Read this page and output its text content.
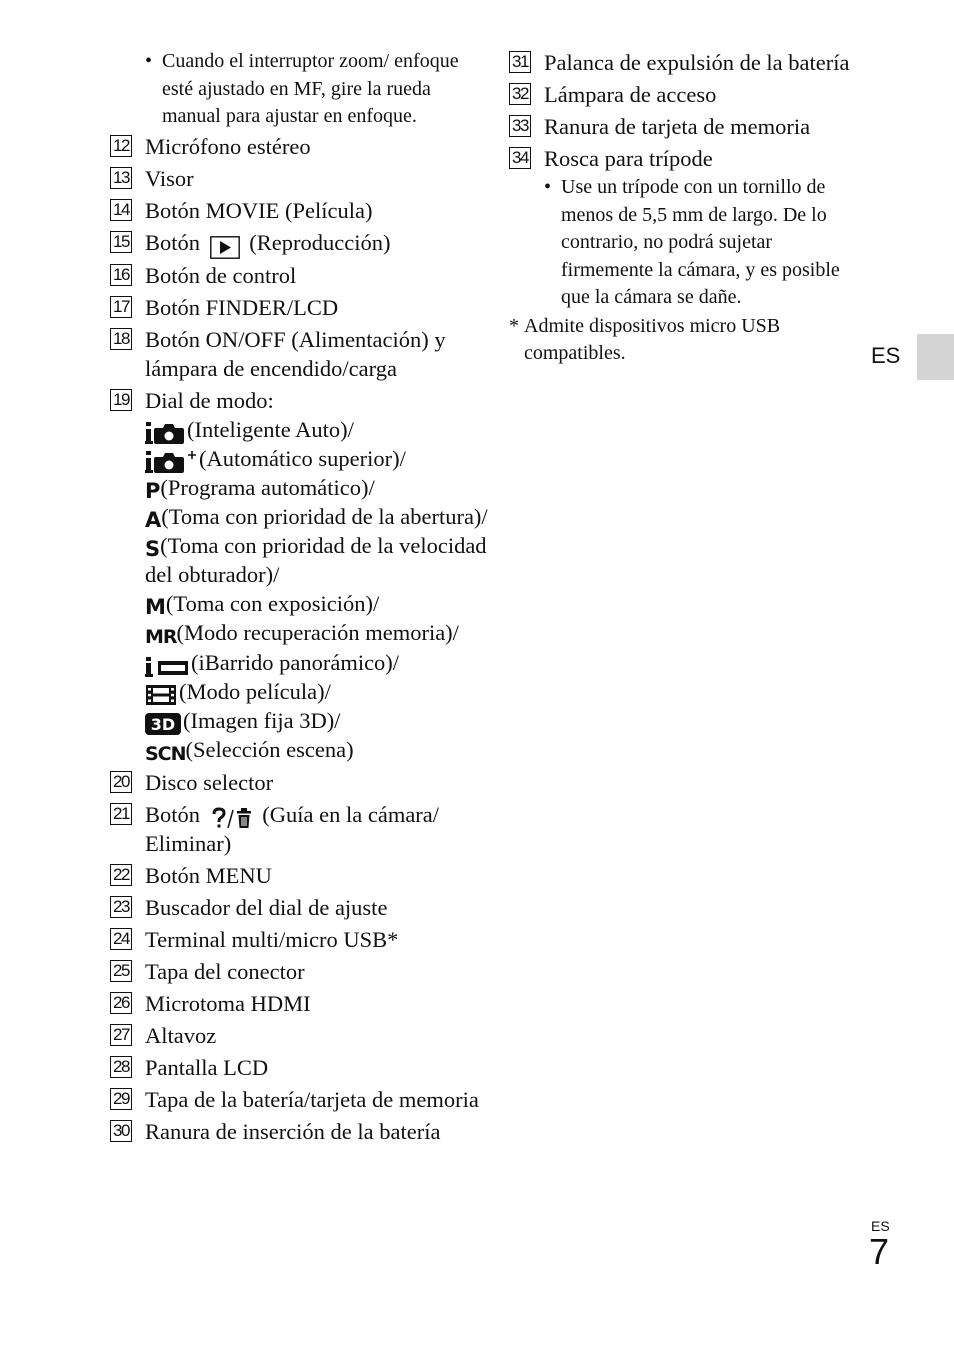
• Cuando el interruptor zoom/ enfoque esté ajustado en MF, gire la rueda manual para ajustar en enfoque.
12 Micrófono estéreo
13 Visor
14 Botón MOVIE (Película)
15 Botón (Reproducción)
16 Botón de control
17 Botón FINDER/LCD
18 Botón ON/OFF (Alimentación) y lámpara de encendido/carga
19 Dial de modo:
(Inteligente Auto)/
(Automático superior)/
P(Programa automático)/
A(Toma con prioridad de la abertura)/
S(Toma con prioridad de la velocidad del obturador)/
M(Toma con exposición)/
MR(Modo recuperación memoria)/
(iBarrido panorámico)/
(Modo película)/
3D (Imagen fija 3D)/
SCN(Selección escena)
20 Disco selector
21 Botón	(Guía en la cámara/ Eliminar)
22 Botón MENU
23 Buscador del dial de ajuste
24 Terminal multi/micro USB*
25 Tapa del conector
26 Microtoma HDMI
27 Altavoz
28 Pantalla LCD
29 Tapa de la batería/tarjeta de memoria
30 Ranura de inserción de la batería
31 Palanca de expulsión de la batería
32 Lámpara de acceso
33 Ranura de tarjeta de memoria
34 Rosca para trípode
• Use un trípode con un tornillo de menos de 5,5 mm de largo. De lo contrario, no podrá sujetar firmemente la cámara, y es posible que la cámara se dañe.
* Admite dispositivos micro USB compatibles.	ES
ES
7
